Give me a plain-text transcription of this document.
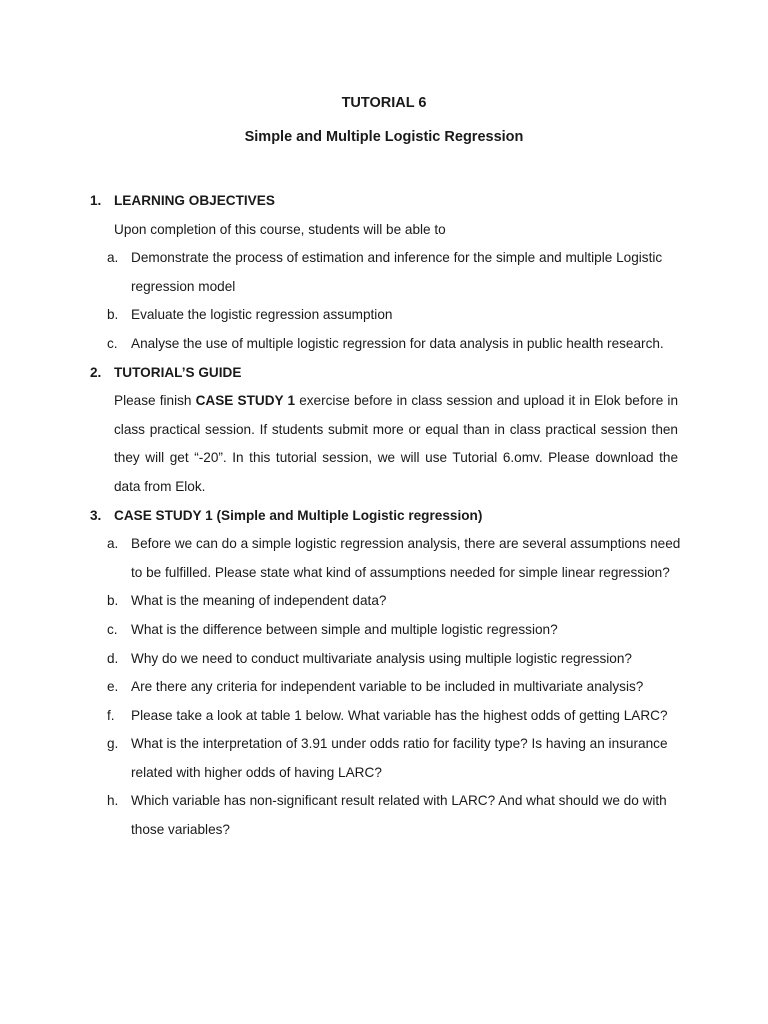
TUTORIAL 6
Simple and Multiple Logistic Regression
1. LEARNING OBJECTIVES
Upon completion of this course, students will be able to
a. Demonstrate the process of estimation and inference for the simple and multiple Logistic
regression model
b. Evaluate the logistic regression assumption
c. Analyse the use of multiple logistic regression for data analysis in public health research.
2. TUTORIAL’S GUIDE
Please finish CASE STUDY 1 exercise before in class session and upload it in Elok before in
class practical session. If students submit more or equal than in class practical session then
they will get “-20”. In this tutorial session, we will use Tutorial 6.omv. Please download the
data from Elok.
3. CASE STUDY 1 (Simple and Multiple Logistic regression)
a. Before we can do a simple logistic regression analysis, there are several assumptions need
to be fulfilled. Please state what kind of assumptions needed for simple linear regression?
b. What is the meaning of independent data?
c. What is the difference between simple and multiple logistic regression?
d. Why do we need to conduct multivariate analysis using multiple logistic regression?
e. Are there any criteria for independent variable to be included in multivariate analysis?
f. Please take a look at table 1 below. What variable has the highest odds of getting LARC?
g. What is the interpretation of 3.91 under odds ratio for facility type? Is having an insurance
related with higher odds of having LARC?
h. Which variable has non-significant result related with LARC? And what should we do with
those variables?
